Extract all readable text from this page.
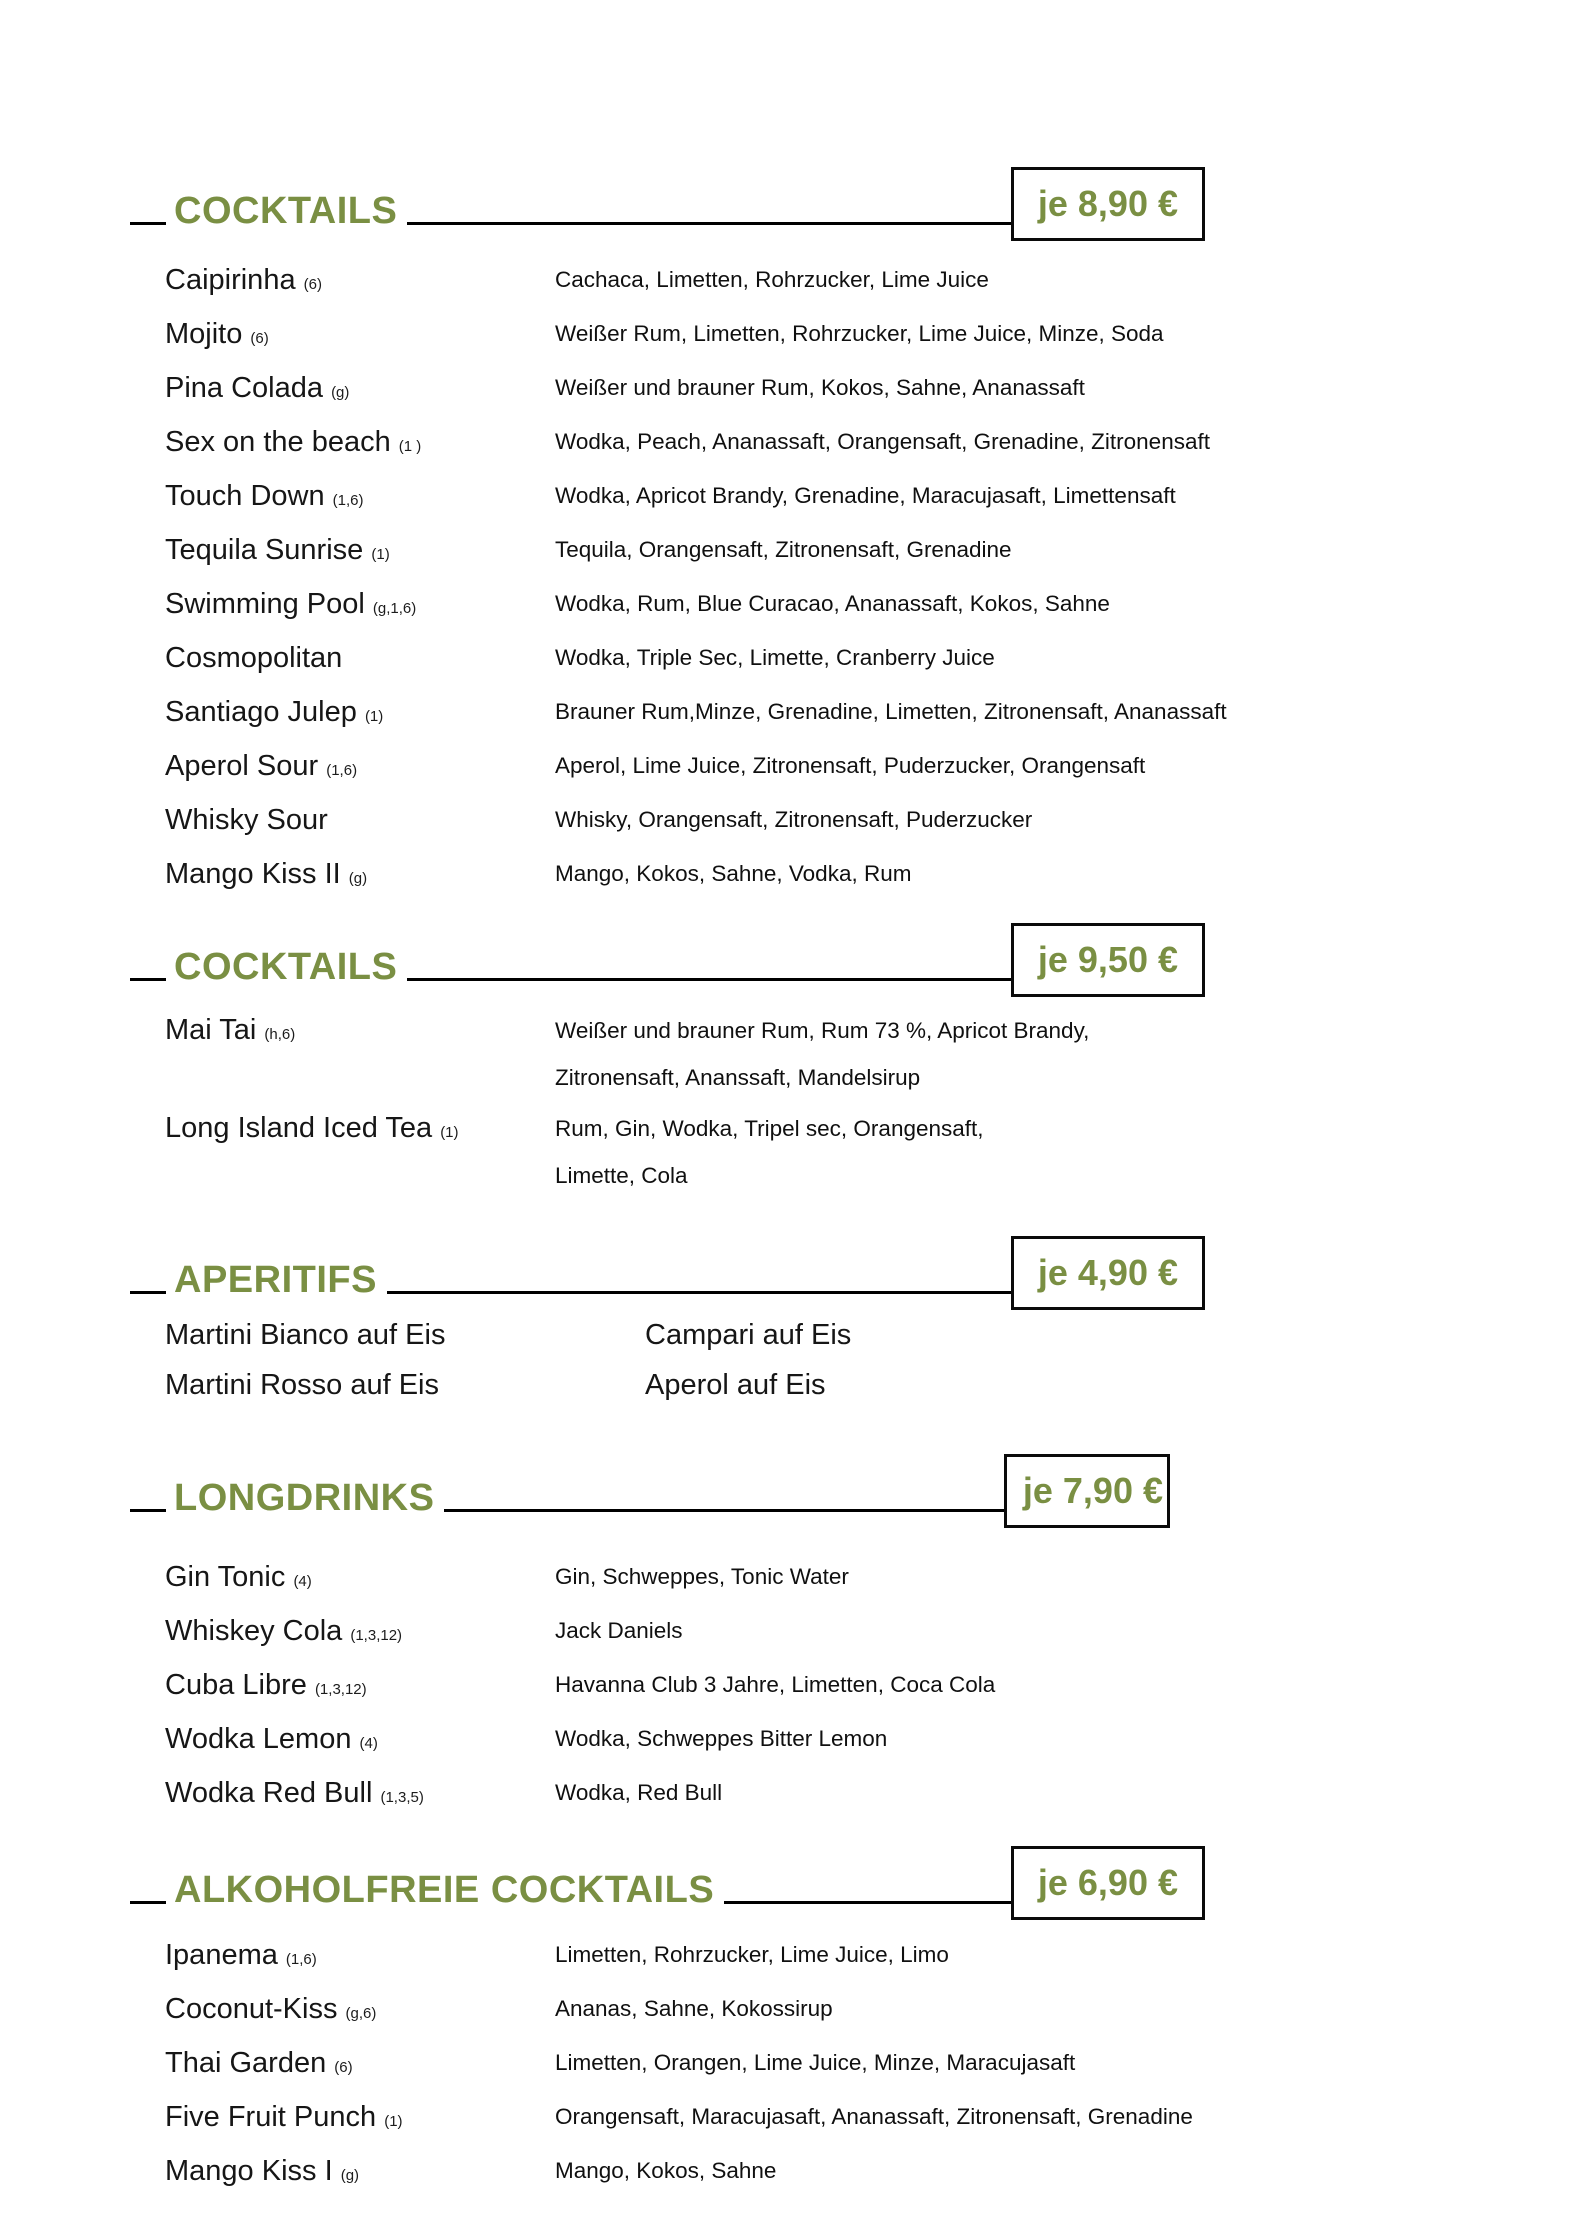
COCKTAILS	je 8,90 €
Caipirinha (6)	Cachaca, Limetten, Rohrzucker, Lime Juice
Mojito (6)	Weißer Rum, Limetten, Rohrzucker, Lime Juice, Minze, Soda
Pina Colada (g)	Weißer und brauner Rum, Kokos, Sahne, Ananassaft
Sex on the beach (1 )	Wodka, Peach, Ananassaft, Orangensaft, Grenadine, Zitronensaft
Touch Down (1,6)	Wodka, Apricot Brandy, Grenadine, Maracujasaft, Limettensaft
Tequila Sunrise (1)	Tequila, Orangensaft, Zitronensaft, Grenadine
Swimming Pool (g,1,6)	Wodka, Rum, Blue Curacao, Ananassaft, Kokos, Sahne
Cosmopolitan	Wodka, Triple Sec, Limette, Cranberry Juice
Santiago Julep (1)	Brauner Rum,Minze, Grenadine, Limetten, Zitronensaft, Ananassaft
Aperol Sour (1,6)	Aperol, Lime Juice, Zitronensaft, Puderzucker, Orangensaft
Whisky Sour	Whisky, Orangensaft, Zitronensaft, Puderzucker
Mango Kiss II (g)	Mango, Kokos, Sahne, Vodka, Rum
COCKTAILS	je 9,50 €
Mai Tai (h,6)	Weißer und brauner Rum, Rum 73 %, Apricot Brandy,
Zitronensaft, Ananssaft, Mandelsirup
Long Island Iced Tea (1)	Rum, Gin, Wodka, Tripel sec, Orangensaft,
Limette, Cola
APERITIFS	je 4,90 €
Martini Bianco auf Eis	Campari auf Eis
Martini Rosso auf Eis	Aperol auf Eis
LONGDRINKS	je 7,90 €
Gin Tonic (4)	Gin, Schweppes, Tonic Water
Whiskey Cola (1,3,12)	Jack Daniels
Cuba Libre (1,3,12)	Havanna Club 3 Jahre, Limetten, Coca Cola
Wodka Lemon (4)	Wodka, Schweppes Bitter Lemon
Wodka Red Bull (1,3,5)	Wodka, Red Bull
ALKOHOLFREIE COCKTAILS	je 6,90 €
Ipanema (1,6)	Limetten, Rohrzucker, Lime Juice, Limo
Coconut-Kiss (g,6)	Ananas, Sahne, Kokossirup
Thai Garden (6)	Limetten, Orangen, Lime Juice, Minze, Maracujasaft
Five Fruit Punch (1)	Orangensaft, Maracujasaft, Ananassaft, Zitronensaft, Grenadine
Mango Kiss I (g)	Mango, Kokos, Sahne
